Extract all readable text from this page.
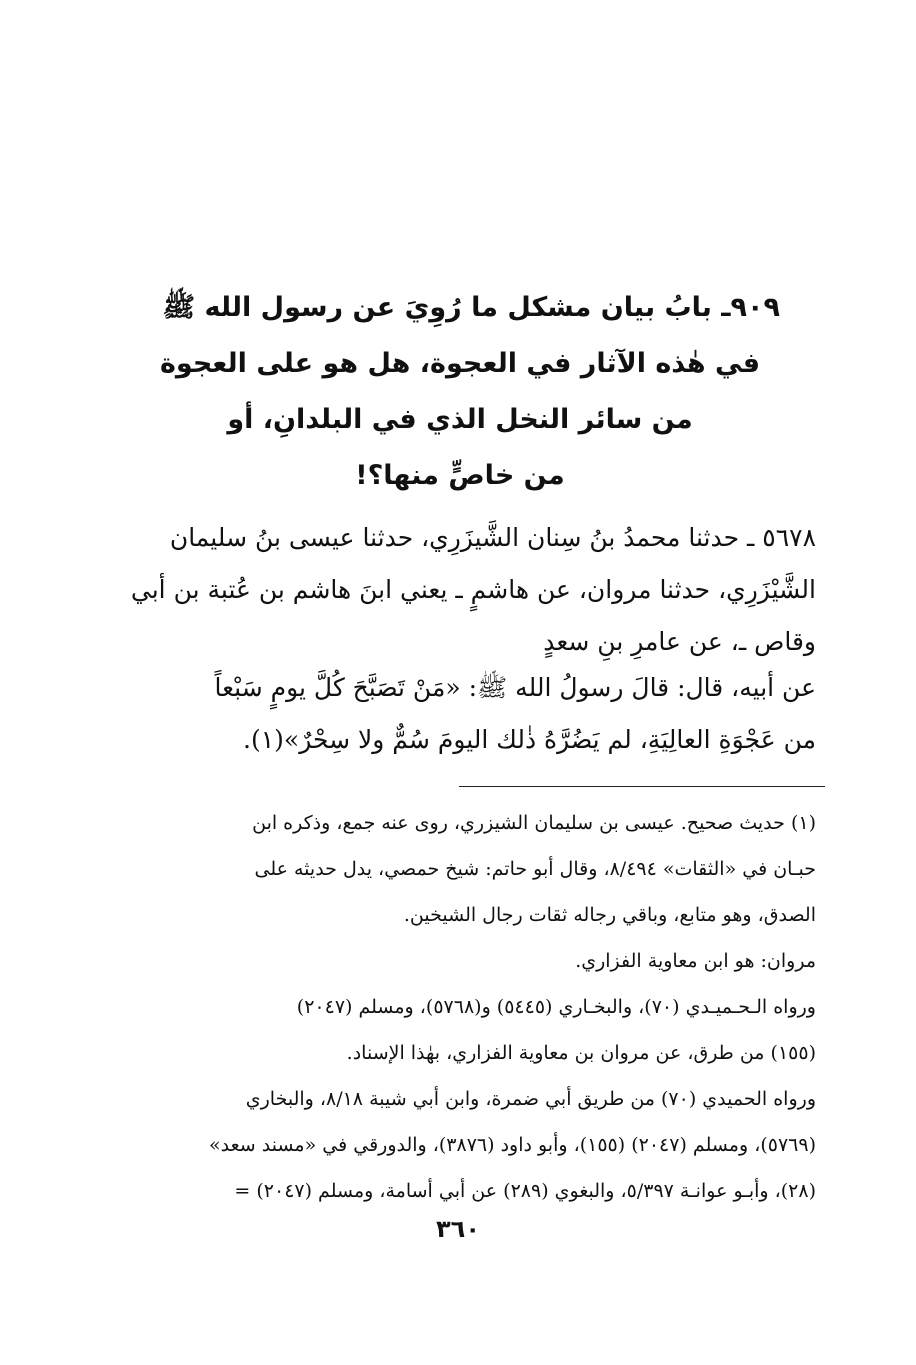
٩٠٩ـ بابُ بيان مشكل ما رُوِيَ عن رسول الله ﷺ
في هٰذه الآثار في العجوة، هل هو على العجوة
من سائر النخل الذي في البلدانِ، أو
من خاصٍّ منها؟!
٥٦٧٨ ـ حدثنا محمدُ بنُ سِنان الشَّيزَرِي، حدثنا عيسى بنُ سليمان
الشَّيْزَرِي، حدثنا مروان، عن هاشمٍ ـ يعني ابنَ هاشم بن عُتبة بن أبي
وقاص ـ، عن عامرِ بنِ سعدٍ
عن أبيه، قال: قالَ رسولُ الله ﷺ: «مَنْ تَصَبَّحَ كُلَّ يومٍ سَبْعاً
من عَجْوَةِ العالِيَةِ، لم يَضُرَّهُ ذٰلك اليومَ سُمٌّ ولا سِحْرٌ»(١).
(١) حديث صحيح. عيسى بن سليمان الشيزري، روى عنه جمع، وذكره ابن
حبـان في «الثقات» ٨/٤٩٤، وقال أبو حاتم: شيخ حمصي، يدل حديثه على
الصدق، وهو متابع، وباقي رجاله ثقات رجال الشيخين.
مروان: هو ابن معاوية الفزاري.
ورواه الـحـميـدي (٧٠)، والبخـاري (٥٤٤٥) و(٥٧٦٨)، ومسلم (٢٠٤٧)
(١٥٥) من طرق، عن مروان بن معاوية الفزاري، بهٰذا الإسناد.
ورواه الحميدي (٧٠) من طريق أبي ضمرة، وابن أبي شيبة ٨/١٨، والبخاري
(٥٧٦٩)، ومسلم (٢٠٤٧) (١٥٥)، وأبو داود (٣٨٧٦)، والدورقي في «مسند سعد»
(٢٨)، وأبـو عوانـة ٥/٣٩٧، والبغوي (٢٨٩) عن أبي أسامة، ومسلم (٢٠٤٧) =
٣٦٠
